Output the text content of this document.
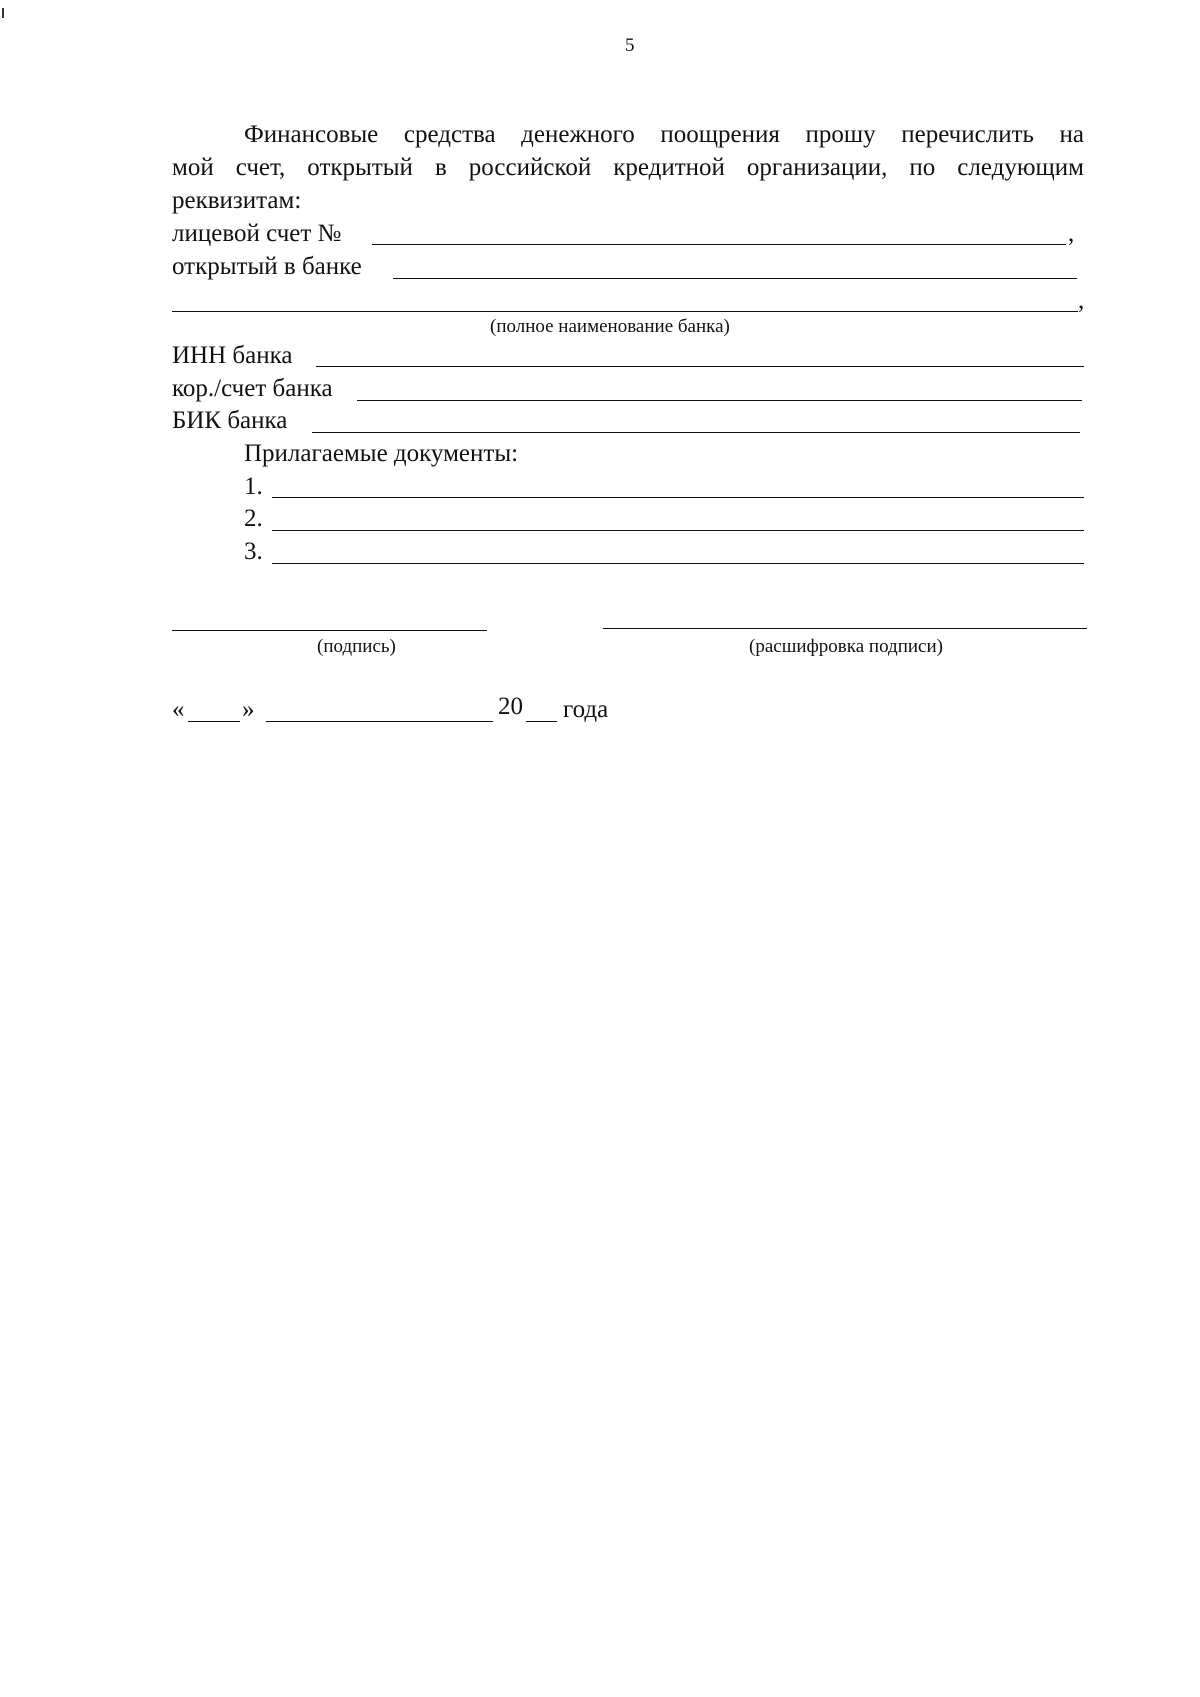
5
Финансовые средства денежного поощрения прошу перечислить на
мой счет, открытый в российской кредитной организации, по следующим
реквизитам:
лицевой счет №	,
открытый в банке
,
(полное наименование банка)
ИНН банка
кор./счет банка
БИК банка
Прилагаемые документы:
1.
2.
3.
(подпись)	(расшифровка подписи)
« »	20 года
